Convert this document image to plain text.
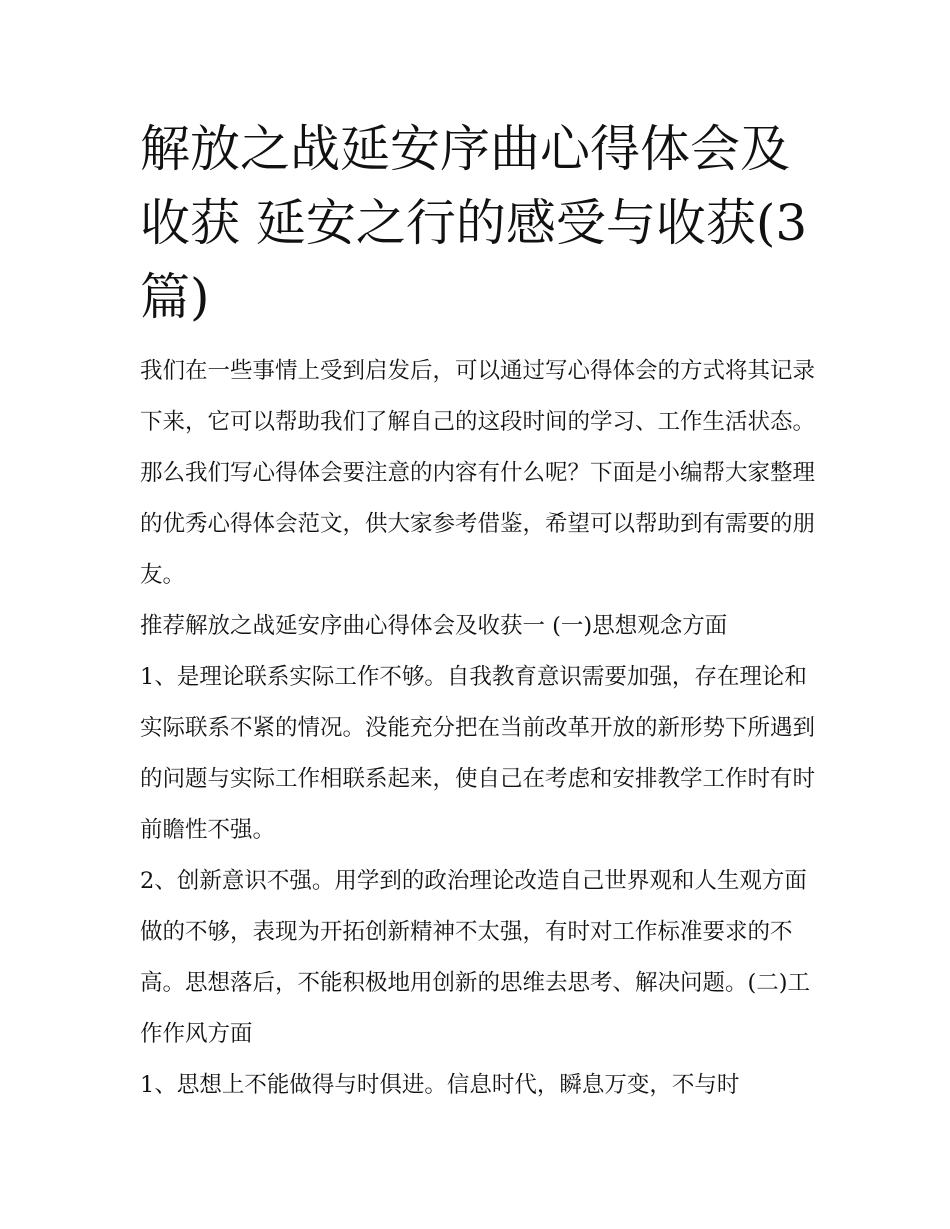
解放之战延安序曲心得体会及收获 延安之行的感受与收获(3篇)

我们在一些事情上受到启发后，可以通过写心得体会的方式将其记录下来，它可以帮助我们了解自己的这段时间的学习、工作生活状态。那么我们写心得体会要注意的内容有什么呢？下面是小编帮大家整理的优秀心得体会范文，供大家参考借鉴，希望可以帮助到有需要的朋友。

推荐解放之战延安序曲心得体会及收获一 (一)思想观念方面

1、是理论联系实际工作不够。自我教育意识需要加强，存在理论和实际联系不紧的情况。没能充分把在当前改革开放的新形势下所遇到的问题与实际工作相联系起来，使自己在考虑和安排教学工作时有时前瞻性不强。

2、创新意识不强。用学到的政治理论改造自己世界观和人生观方面做的不够，表现为开拓创新精神不太强，有时对工作标准要求的不高。思想落后，不能积极地用创新的思维去思考、解决问题。(二)工作作风方面

1、思想上不能做得与时俱进。信息时代，瞬息万变，不与时
